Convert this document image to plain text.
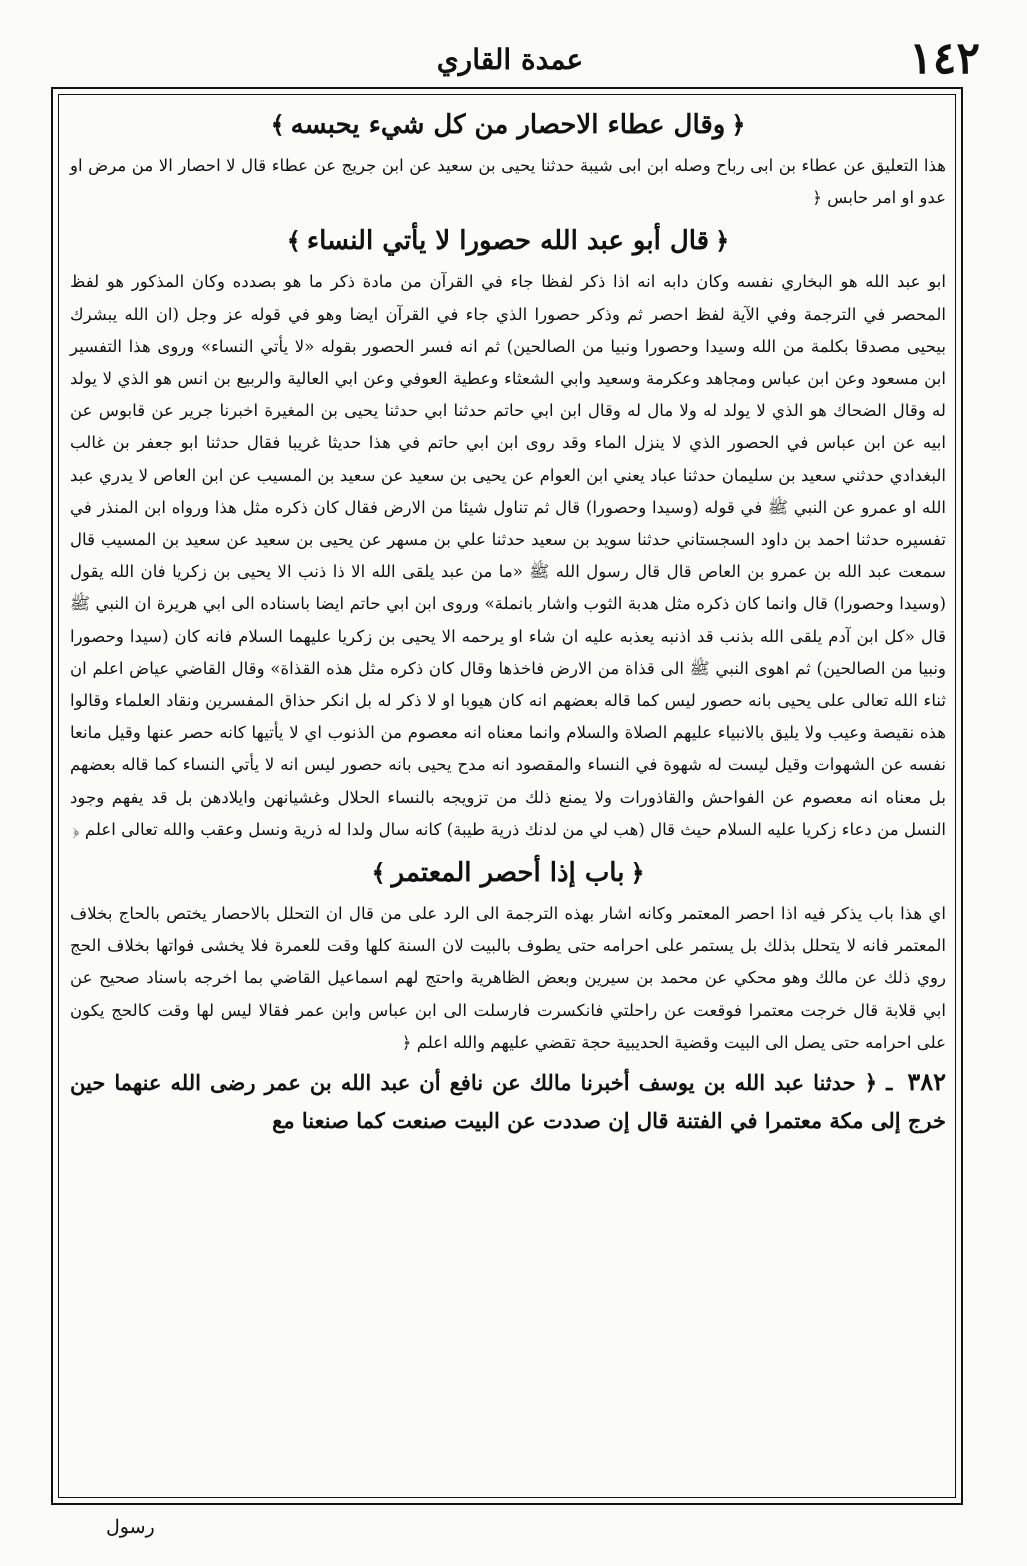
١٤٢
عمدة القاري
﴿وقال عطاء الاحصار من كل شيء يحبسه﴾

هذا التعليق عن عطاء بن ابى رباح وصله ابن ابى شيبة حدثنا يحيى بن سعيد عن ابن جريج عن عطاء قال لا احصار الا من مرض او عدو او امر حابس ﴿

﴿قال أبو عبد الله حصورا لا يأتي النساء﴾

ابو عبد الله هو البخاري نفسه وكان دابه انه اذا ذكر لفظا جاء في القرآن من مادة ذكر ما هو بصدده وكان المذكور هو لفظ المحصر في الترجمة وفي الآية لفظ احصر ثم وذكر حصورا الذي جاء في القرآن ايضا وهو في قوله عز وجل (ان الله يبشرك بيحيى مصدقا بكلمة من الله وسيدا وحصورا ونبيا من الصالحين) ثم انه فسر الحصور بقوله «لا يأتي النساء» وروى هذا التفسير ابن مسعود وعن ابن عباس ومجاهد وعكرمة وسعيد وابي الشعثاء وعطية العوفي وعن ابي العالية والربيع بن انس هو الذي لا يولد له وقال الضحاك هو الذي لا يولد له ولا مال له وقال ابن ابي حاتم حدثنا ابي حدثنا يحيى بن المغيرة اخبرنا جرير عن قابوس عن ابيه عن ابن عباس في الحصور الذي لا ينزل الماء وقد روى ابن ابي حاتم في هذا حديثا غريبا فقال حدثنا ابو جعفر بن غالب البغدادي حدثني سعيد بن سليمان حدثنا عباد يعني ابن العوام عن يحيى بن سعيد عن سعيد بن المسيب عن ابن العاص لا يدري عبد الله او عمرو عن النبي ﷺ في قوله (وسيدا وحصورا) قال ثم تناول شيئا من الارض فقال كان ذكره مثل هذا ورواه ابن المنذر في تفسيره حدثنا احمد بن داود السجستاني حدثنا سويد بن سعيد حدثنا علي بن مسهر عن يحيى بن سعيد عن سعيد بن المسيب قال سمعت عبد الله بن عمرو بن العاص قال قال رسول الله ﷺ «ما من عبد يلقى الله الا ذا ذنب الا يحيى بن زكريا فان الله يقول (وسيدا وحصورا) قال وانما كان ذكره مثل هدبة الثوب واشار بانملة» وروى ابن ابي حاتم ايضا باسناده الى ابي هريرة ان النبي ﷺ قال «كل ابن آدم يلقى الله بذنب قد اذنبه يعذبه عليه ان شاء او يرحمه الا يحيى بن زكريا عليهما السلام فانه كان (سيدا وحصورا ونبيا من الصالحين) ثم اهوى النبي ﷺ الى قذاة من الارض فاخذها وقال كان ذكره مثل هذه القذاة» وقال القاضي عياض اعلم ان ثناء الله تعالى على يحيى بانه حصور ليس كما قاله بعضهم انه كان هيوبا او لا ذكر له بل انكر حذاق المفسرين ونقاد العلماء وقالوا هذه نقيصة وعيب ولا يليق بالانبياء عليهم الصلاة والسلام وانما معناه انه معصوم من الذنوب اي لا يأتيها كانه حصر عنها وقيل مانعا نفسه عن الشهوات وقيل ليست له شهوة في النساء والمقصود انه مدح يحيى بانه حصور ليس انه لا يأتي النساء كما قاله بعضهم بل معناه انه معصوم عن الفواحش والقاذورات ولا يمنع ذلك من تزويجه بالنساء الحلال وغشيانهن وايلادهن بل قد يفهم وجود النسل من دعاء زكريا عليه السلام حيث قال (هب لي من لدنك ذرية طيبة) كانه سال ولدا له ذرية ونسل وعقب والله تعالى اعلم ﴿

﴿باب إذا أحصر المعتمر﴾

اي هذا باب يذكر فيه اذا احصر المعتمر وكانه اشار بهذه الترجمة الى الرد على من قال ان التحلل بالاحصار يختص بالحاج بخلاف المعتمر فانه لا يتحلل بذلك بل يستمر على احرامه حتى يطوف بالبيت لان السنة كلها وقت للعمرة فلا يخشى فواتها بخلاف الحج روي ذلك عن مالك وهو محكي عن محمد بن سيرين وبعض الظاهرية واحتج لهم اسماعيل القاضي بما اخرجه باسناد صحيح عن ابي قلابة قال خرجت معتمرا فوقعت عن راحلتي فانكسرت فارسلت الى ابن عباس وابن عمر فقالا ليس لها وقت كالحج يكون على احرامه حتى يصل الى البيت وقضية الحديبية حجة تقضي عليهم والله اعلم ﴿

٣٨٢ ـ ﴿ حدثنا عبد الله بن يوسف أخبرنا مالك عن نافع أن عبد الله بن عمر رضى الله عنهما حين خرج إلى مكة معتمرا في الفتنة قال إن صددت عن البيت صنعت كما صنعنا مع

رسول
